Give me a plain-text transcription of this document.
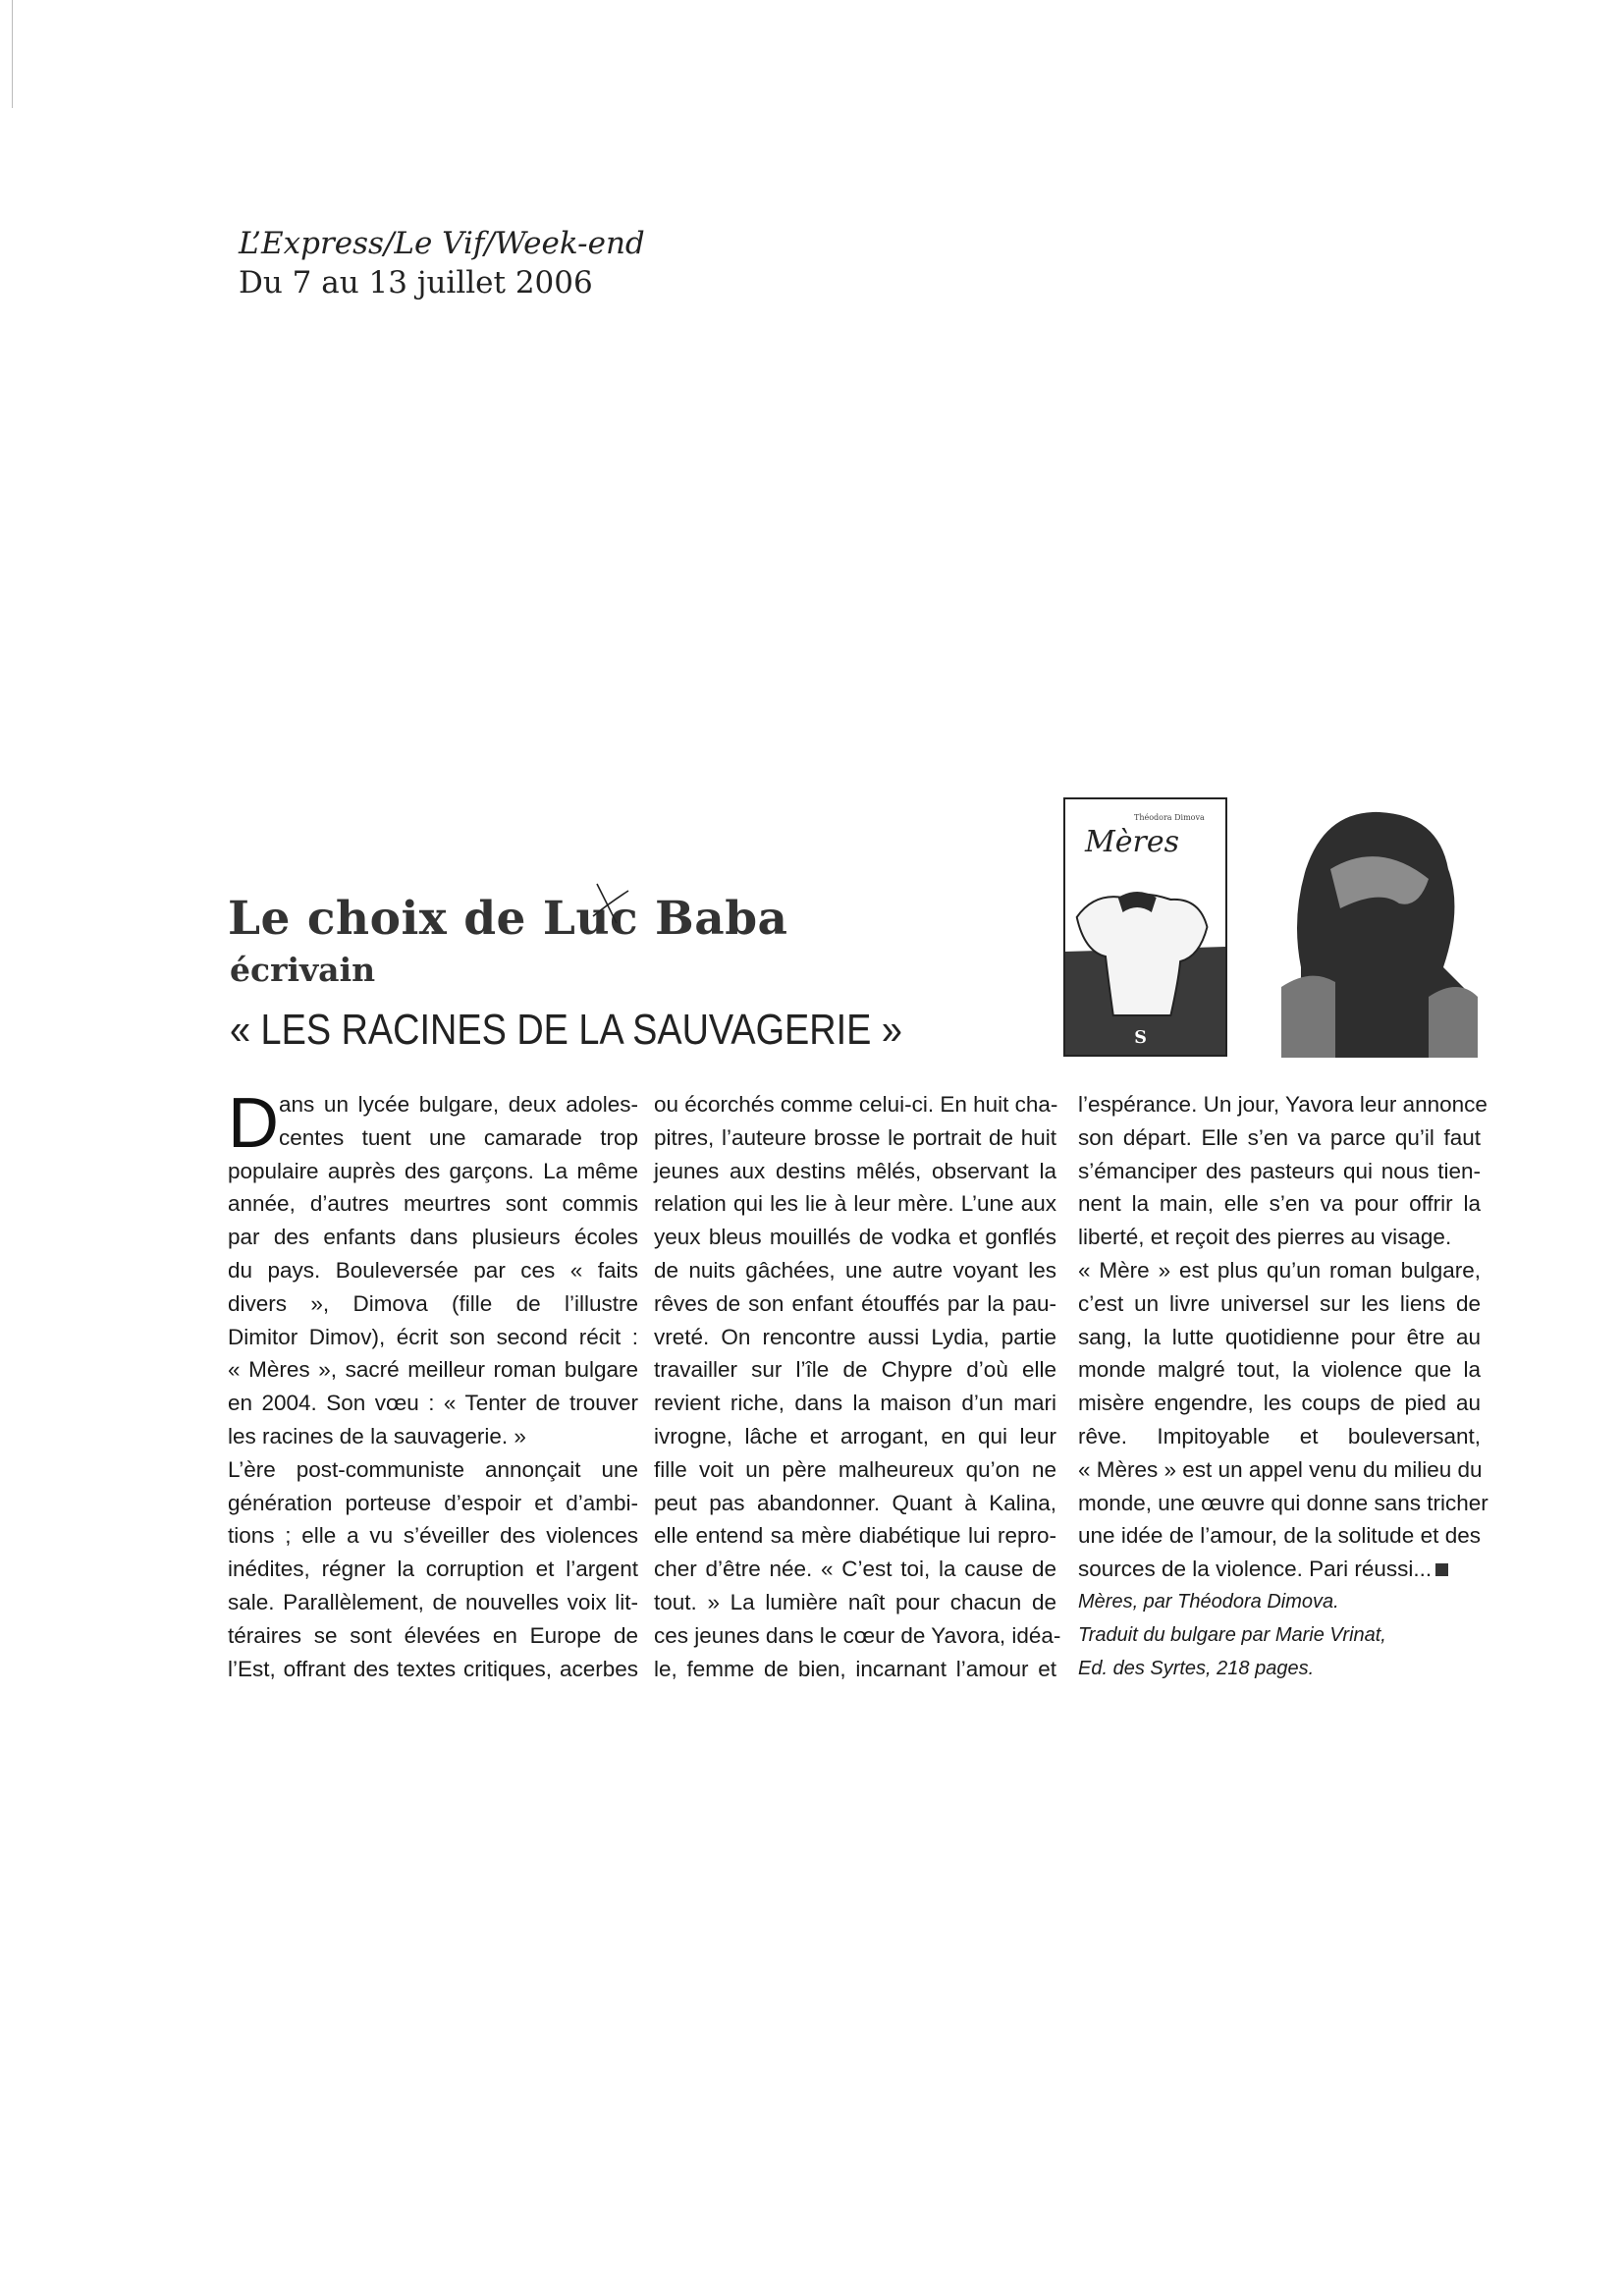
L’Express/Le Vif/Week-end
Du 7 au 13 juillet 2006
Le choix de Luc Baba
écrivain
« LES RACINES DE LA SAUVAGERIE »
Théodora Dimova
Mères
S
D ans un lycée bulgare, deux adoles-
centes tuent une camarade trop
populaire auprès des garçons. La même
année, d’autres meurtres sont commis
par des enfants dans plusieurs écoles
du pays. Bouleversée par ces « faits
divers », Dimova (fille de l’illustre
Dimitor Dimov), écrit son second récit :
« Mères », sacré meilleur roman bulgare
en 2004. Son vœu : « Tenter de trouver
les racines de la sauvagerie. »
L’ère post-communiste annonçait une
génération porteuse d’espoir et d’ambi-
tions ; elle a vu s’éveiller des violences
inédites, régner la corruption et l’argent
sale. Parallèlement, de nouvelles voix lit-
téraires se sont élevées en Europe de
l’Est, offrant des textes critiques, acerbes
ou écorchés comme celui-ci. En huit cha-
pitres, l’auteure brosse le portrait de huit
jeunes aux destins mêlés, observant la
relation qui les lie à leur mère. L’une aux
yeux bleus mouillés de vodka et gonflés
de nuits gâchées, une autre voyant les
rêves de son enfant étouffés par la pau-
vreté. On rencontre aussi Lydia, partie
travailler sur l’île de Chypre d’où elle
revient riche, dans la maison d’un mari
ivrogne, lâche et arrogant, en qui leur
fille voit un père malheureux qu’on ne
peut pas abandonner. Quant à Kalina,
elle entend sa mère diabétique lui repro-
cher d’être née. « C’est toi, la cause de
tout. » La lumière naît pour chacun de
ces jeunes dans le cœur de Yavora, idéa-
le, femme de bien, incarnant l’amour et
l’espérance. Un jour, Yavora leur annonce
son départ. Elle s’en va parce qu’il faut
s’émanciper des pasteurs qui nous tien-
nent la main, elle s’en va pour offrir la
liberté, et reçoit des pierres au visage.
« Mère » est plus qu’un roman bulgare,
c’est un livre universel sur les liens de
sang, la lutte quotidienne pour être au
monde malgré tout, la violence que la
misère engendre, les coups de pied au
rêve. Impitoyable et bouleversant,
« Mères » est un appel venu du milieu du
monde, une œuvre qui donne sans tricher
une idée de l’amour, de la solitude et des
sources de la violence. Pari réussi...
Mères, par Théodora Dimova.
Traduit du bulgare par Marie Vrinat,
Ed. des Syrtes, 218 pages.
